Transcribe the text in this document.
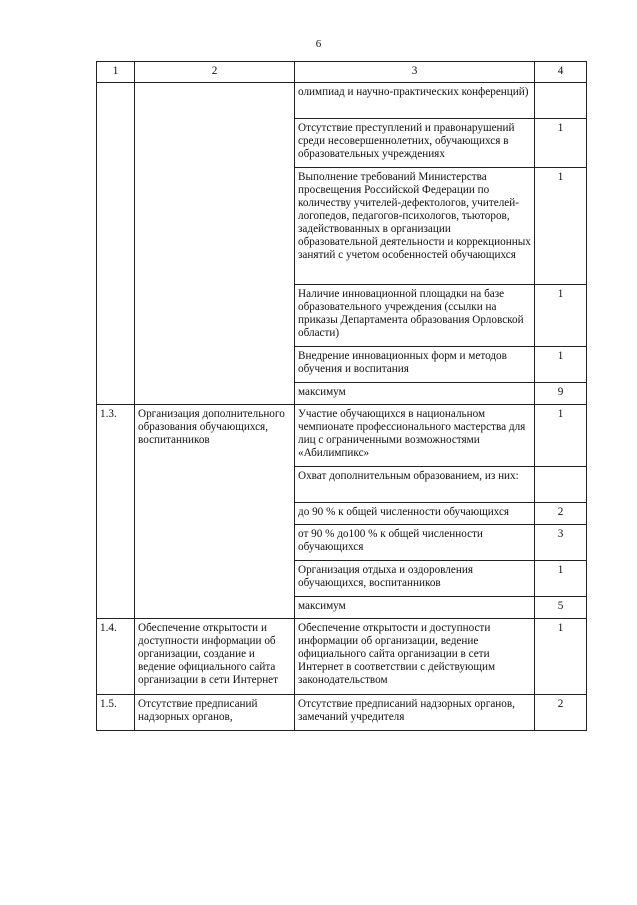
6
1	2	3	4
		олимпиад и научно-практических конференций)	
		Отсутствие преступлений и правонарушений среди несовершеннолетних, обучающихся в образовательных учреждениях	1
		Выполнение требований Министерства просвещения Российской Федерации по количеству учителей-дефектологов, учителей-логопедов, педагогов-психологов, тьюторов, задействованных в организации образовательной деятельности и коррекционных занятий с учетом особенностей обучающихся	1
		Наличие инновационной площадки на базе образовательного учреждения (ссылки на приказы Департамента образования Орловской области)	1
		Внедрение инновационных форм и методов обучения и воспитания	1
		максимум	9
1.3.	Организация дополнительного образования обучающихся, воспитанников	Участие обучающихся в национальном чемпионате профессионального мастерства для лиц с ограниченными возможностями «Абилимпикс»	1
		Охват дополнительным образованием, из них:	
		до 90 % к общей численности обучающихся	2
		от 90 % до100 % к общей численности обучающихся	3
		Организация отдыха и оздоровления обучающихся, воспитанников	1
		максимум	5
1.4.	Обеспечение открытости и доступности информации об организации, создание и ведение официального сайта организации в сети Интернет	Обеспечение открытости и доступности информации об организации, ведение официального сайта организации в сети Интернет в соответствии с действующим законодательством	1
1.5.	Отсутствие предписаний надзорных органов,	Отсутствие предписаний надзорных органов, замечаний учредителя	2
